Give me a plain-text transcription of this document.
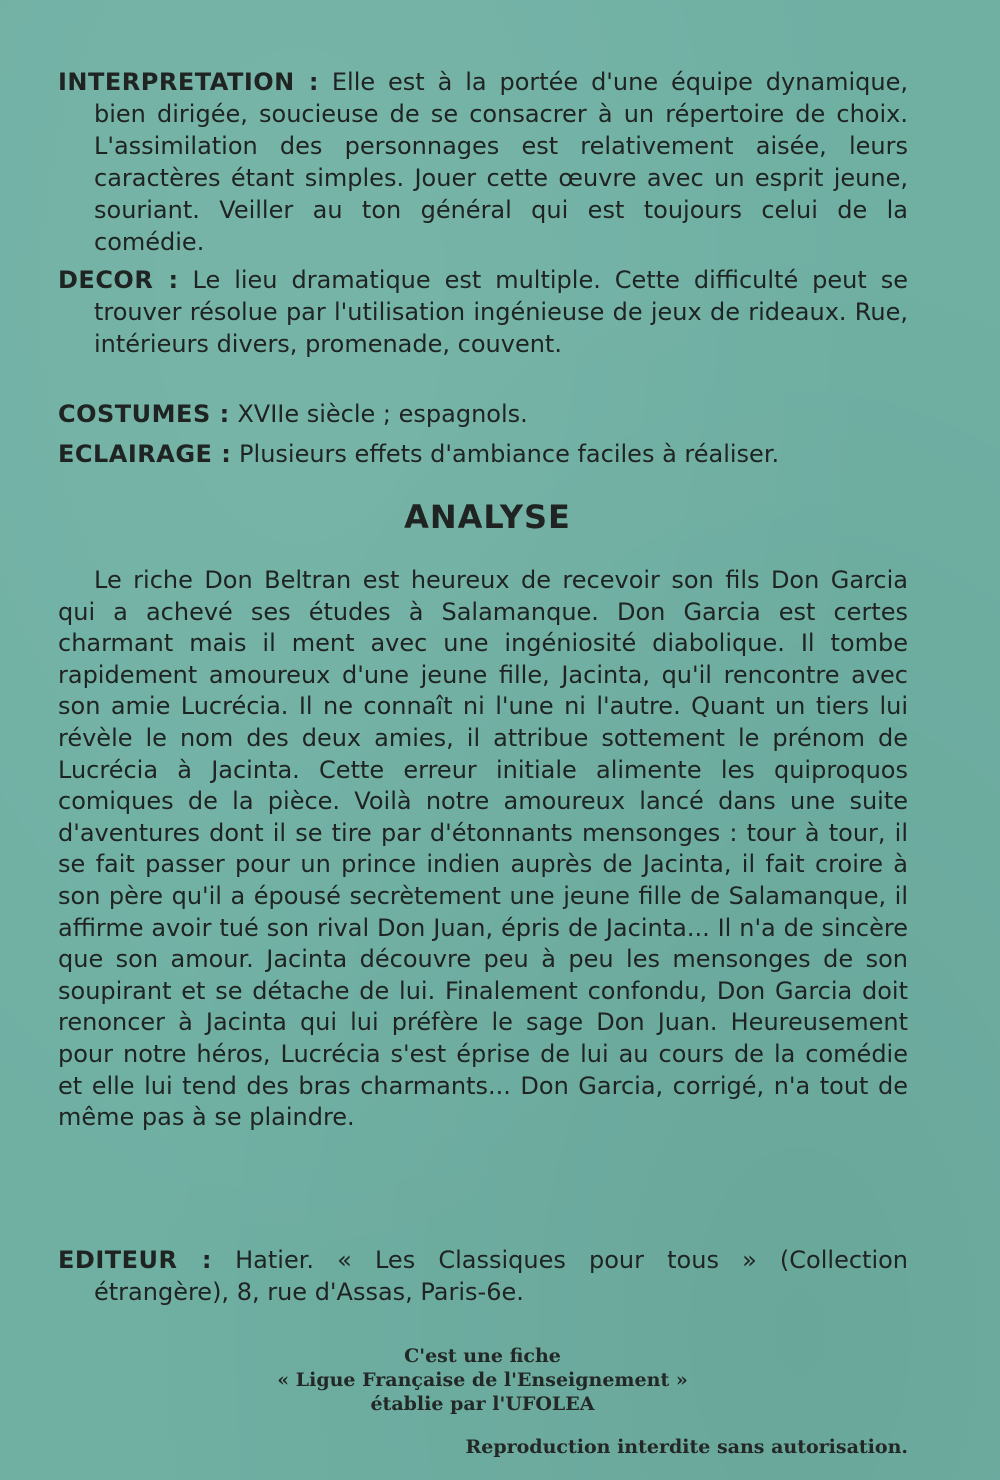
INTERPRETATION : Elle est à la portée d'une équipe dynamique, bien dirigée, soucieuse de se consacrer à un répertoire de choix. L'assimilation des personnages est relativement aisée, leurs caractères étant simples. Jouer cette œuvre avec un esprit jeune, souriant. Veiller au ton général qui est toujours celui de la comédie.

DECOR : Le lieu dramatique est multiple. Cette difficulté peut se trouver résolue par l'utilisation ingénieuse de jeux de rideaux. Rue, intérieurs divers, promenade, couvent.

COSTUMES : XVIIe siècle ; espagnols.

ECLAIRAGE : Plusieurs effets d'ambiance faciles à réaliser.

ANALYSE

Le riche Don Beltran est heureux de recevoir son fils Don Garcia qui a achevé ses études à Salamanque. Don Garcia est certes charmant mais il ment avec une ingéniosité diabolique. Il tombe rapidement amoureux d'une jeune fille, Jacinta, qu'il rencontre avec son amie Lucrécia. Il ne connaît ni l'une ni l'autre. Quant un tiers lui révèle le nom des deux amies, il attribue sottement le prénom de Lucrécia à Jacinta. Cette erreur initiale alimente les quiproquos comiques de la pièce. Voilà notre amoureux lancé dans une suite d'aventures dont il se tire par d'étonnants mensonges : tour à tour, il se fait passer pour un prince indien auprès de Jacinta, il fait croire à son père qu'il a épousé secrètement une jeune fille de Salamanque, il affirme avoir tué son rival Don Juan, épris de Jacinta... Il n'a de sincère que son amour. Jacinta découvre peu à peu les mensonges de son soupirant et se détache de lui. Finalement confondu, Don Garcia doit renoncer à Jacinta qui lui préfère le sage Don Juan. Heureusement pour notre héros, Lucrécia s'est éprise de lui au cours de la comédie et elle lui tend des bras charmants... Don Garcia, corrigé, n'a tout de même pas à se plaindre.

EDITEUR : Hatier. « Les Classiques pour tous » (Collection étrangère), 8, rue d'Assas, Paris-6e.

C'est une fiche
« Ligue Française de l'Enseignement »
établie par l'UFOLEA
Reproduction interdite sans autorisation.
